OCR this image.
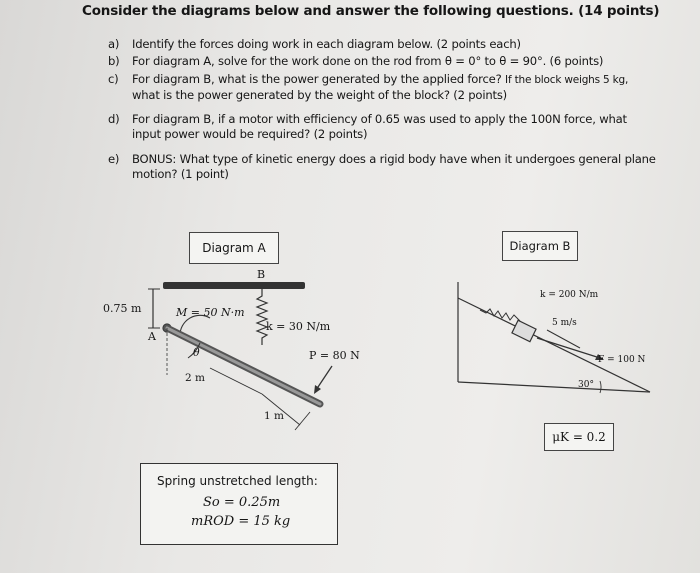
Consider the diagrams below and answer the following questions. (14 points)
a) Identify the forces doing work in each diagram below. (2 points each)
b) For diagram A, solve for the work done on the rod from θ = 0° to θ = 90°. (6 points)
c) For diagram B, what is the power generated by the applied force? If the block weighs 5 kg,
what is the power generated by the weight of the block? (2 points)
d) For diagram B, if a motor with efficiency of 0.65 was used to apply the 100N force, what
input power would be required? (2 points)
e) BONUS: What type of kinetic energy does a rigid body have when it undergoes general plane
motion? (1 point)
Diagram A
B
A
0.75 m	M = 50 N·m
k = 30 N/m
P = 80 N
θ
2 m
1 m
Spring unstretched length:
So = 0.25m
mROD = 15 kg
Diagram B
k = 200 N/m
5 m/s
F = 100 N
30°
μK = 0.2
